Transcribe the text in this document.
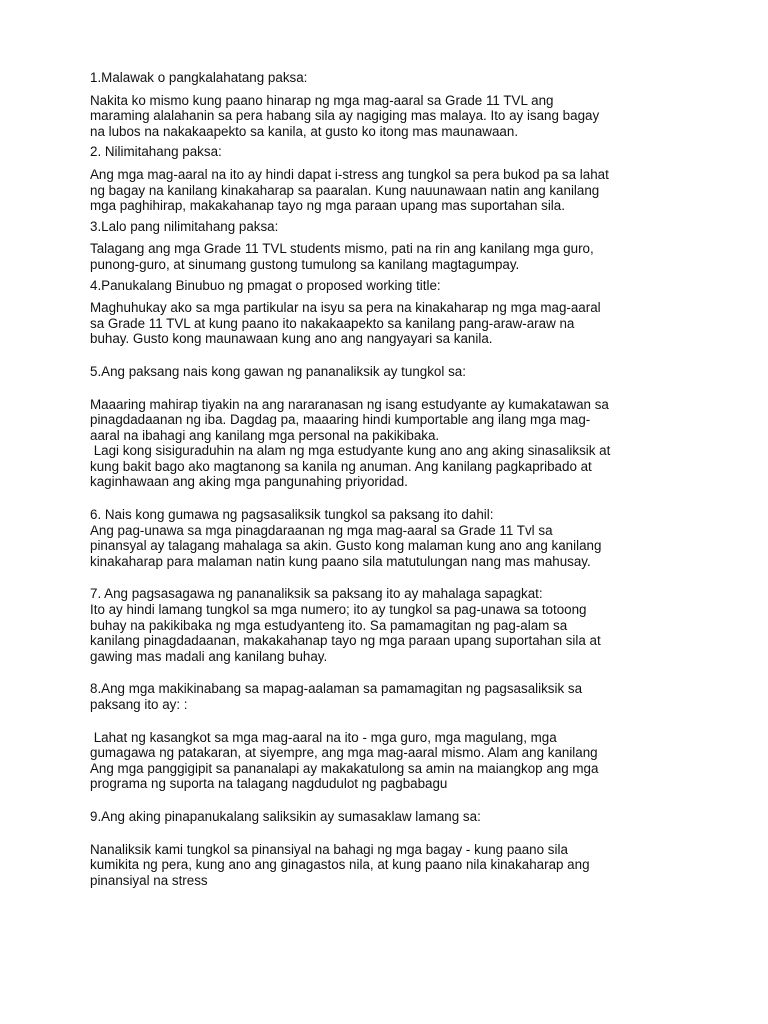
1.Malawak o pangkalahatang paksa:
Nakita ko mismo kung paano hinarap ng mga mag-aaral sa Grade 11 TVL ang
maraming alalahanin sa pera habang sila ay nagiging mas malaya. Ito ay isang bagay
na lubos na nakakaapekto sa kanila, at gusto ko itong mas maunawaan.
2. Nilimitahang paksa:
Ang mga mag-aaral na ito ay hindi dapat i-stress ang tungkol sa pera bukod pa sa lahat
ng bagay na kanilang kinakaharap sa paaralan. Kung nauunawaan natin ang kanilang
mga paghihirap, makakahanap tayo ng mga paraan upang mas suportahan sila.
3.Lalo pang nilimitahang paksa:
Talagang ang mga Grade 11 TVL students mismo, pati na rin ang kanilang mga guro,
punong-guro, at sinumang gustong tumulong sa kanilang magtagumpay.
4.Panukalang Binubuo ng pmagat o proposed working title:
Maghuhukay ako sa mga partikular na isyu sa pera na kinakaharap ng mga mag-aaral
sa Grade 11 TVL at kung paano ito nakakaapekto sa kanilang pang-araw-araw na
buhay. Gusto kong maunawaan kung ano ang nangyayari sa kanila.
5.Ang paksang nais kong gawan ng pananaliksik ay tungkol sa:
Maaaring mahirap tiyakin na ang nararanasan ng isang estudyante ay kumakatawan sa
pinagdadaanan ng iba. Dagdag pa, maaaring hindi kumportable ang ilang mga mag-
aaral na ibahagi ang kanilang mga personal na pakikibaka.
Lagi kong sisiguraduhin na alam ng mga estudyante kung ano ang aking sinasaliksik at
kung bakit bago ako magtanong sa kanila ng anuman. Ang kanilang pagkapribado at
kaginhawaan ang aking mga pangunahing priyoridad.
6. Nais kong gumawa ng pagsasaliksik tungkol sa paksang ito dahil:
Ang pag-unawa sa mga pinagdaraanan ng mga mag-aaral sa Grade 11 Tvl sa
pinansyal ay talagang mahalaga sa akin. Gusto kong malaman kung ano ang kanilang
kinakaharap para malaman natin kung paano sila matutulungan nang mas mahusay.
7. Ang pagsasagawa ng pananaliksik sa paksang ito ay mahalaga sapagkat:
Ito ay hindi lamang tungkol sa mga numero; ito ay tungkol sa pag-unawa sa totoong
buhay na pakikibaka ng mga estudyanteng ito. Sa pamamagitan ng pag-alam sa
kanilang pinagdadaanan, makakahanap tayo ng mga paraan upang suportahan sila at
gawing mas madali ang kanilang buhay.
8.Ang mga makikinabang sa mapag-aalaman sa pamamagitan ng pagsasaliksik sa
paksang ito ay: :
Lahat ng kasangkot sa mga mag-aaral na ito - mga guro, mga magulang, mga
gumagawa ng patakaran, at siyempre, ang mga mag-aaral mismo. Alam ang kanilang
Ang mga panggigipit sa pananalapi ay makakatulong sa amin na maiangkop ang mga
programa ng suporta na talagang nagdudulot ng pagbabagu
9.Ang aking pinapanukalang saliksikin ay sumasaklaw lamang sa:
Nanaliksik kami tungkol sa pinansiyal na bahagi ng mga bagay - kung paano sila
kumikita ng pera, kung ano ang ginagastos nila, at kung paano nila kinakaharap ang
pinansiyal na stress
